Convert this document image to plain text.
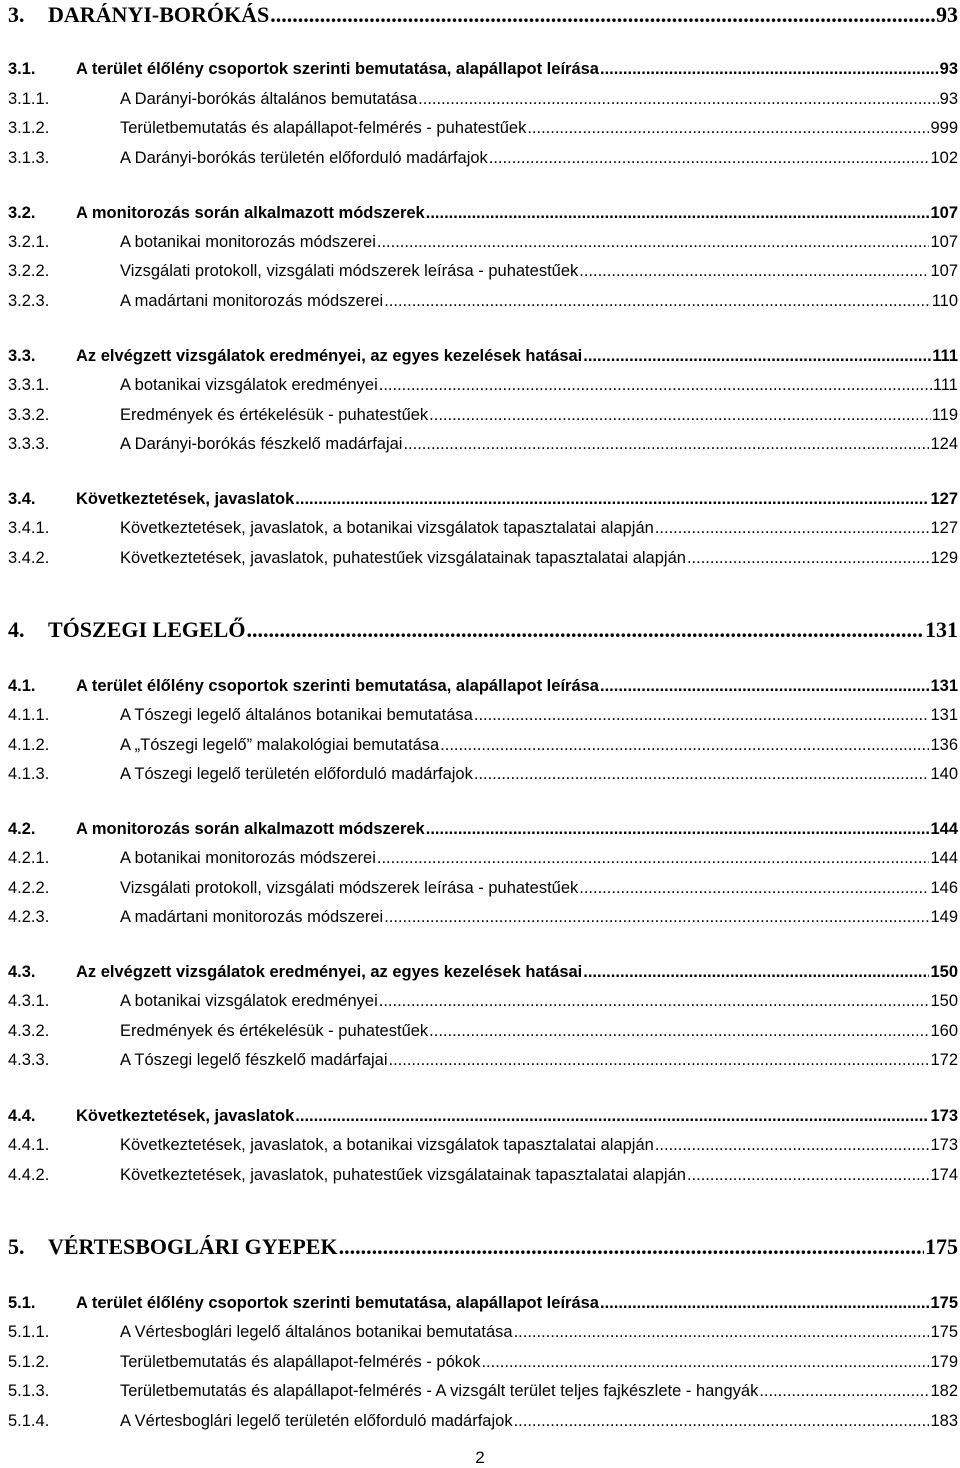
3.	DARÁNYI-BORÓKÁS .....	93
3.1.	A terület élőlény csoportok szerinti bemutatása, alapállapot leírása .....	93
3.1.1.	A Darányi-borókás általános bemutatása .....	93
3.1.2.	Területbemutatás és alapállapot-felmérés - puhatestűek .....	999
3.1.3.	A Darányi-borókás területén előforduló madárfajok .....	102
3.2.	A monitorozás során alkalmazott módszerek .....	107
3.2.1.	A botanikai monitorozás módszerei .....	107
3.2.2.	Vizsgálati protokoll, vizsgálati módszerek leírása - puhatestűek .....	107
3.2.3.	A madártani monitorozás módszerei .....	110
3.3.	Az elvégzett vizsgálatok eredményei, az egyes kezelések hatásai .....	111
3.3.1.	A botanikai vizsgálatok eredményei .....	111
3.3.2.	Eredmények és értékelésük - puhatestűek .....	119
3.3.3.	A Darányi-borókás fészkelő madárfajai .....	124
3.4.	Következtetések, javaslatok .....	127
3.4.1.	Következtetések, javaslatok, a botanikai vizsgálatok tapasztalatai alapján .....	127
3.4.2.	Következtetések, javaslatok, puhatestűek vizsgálatainak tapasztalatai alapján .....	129
4.	TÓSZEGI LEGELŐ .....	131
4.1.	A terület élőlény csoportok szerinti bemutatása, alapállapot leírása .....	131
4.1.1.	A Tószegi legelő általános botanikai bemutatása .....	131
4.1.2.	A „Tószegi legelő” malakológiai bemutatása .....	136
4.1.3.	A Tószegi legelő területén előforduló madárfajok .....	140
4.2.	A monitorozás során alkalmazott módszerek .....	144
4.2.1.	A botanikai monitorozás módszerei .....	144
4.2.2.	Vizsgálati protokoll, vizsgálati módszerek leírása - puhatestűek .....	146
4.2.3.	A madártani monitorozás módszerei .....	149
4.3.	Az elvégzett vizsgálatok eredményei, az egyes kezelések hatásai .....	150
4.3.1.	A botanikai vizsgálatok eredményei .....	150
4.3.2.	Eredmények és értékelésük - puhatestűek .....	160
4.3.3.	A Tószegi legelő fészkelő madárfajai .....	172
4.4.	Következtetések, javaslatok .....	173
4.4.1.	Következtetések, javaslatok, a botanikai vizsgálatok tapasztalatai alapján .....	173
4.4.2.	Következtetések, javaslatok, puhatestűek vizsgálatainak tapasztalatai alapján .....	174
5.	VÉRTESBOGLÁRI GYEPEK .....	175
5.1.	A terület élőlény csoportok szerinti bemutatása, alapállapot leírása .....	175
5.1.1.	A Vértesboglári legelő általános botanikai bemutatása .....	175
5.1.2.	Területbemutatás és alapállapot-felmérés - pókok .....	179
5.1.3.	Területbemutatás és alapállapot-felmérés - A vizsgált terület teljes fajkészlete - hangyák .....	182
5.1.4.	A Vértesboglári legelő területén előforduló madárfajok .....	183
2
